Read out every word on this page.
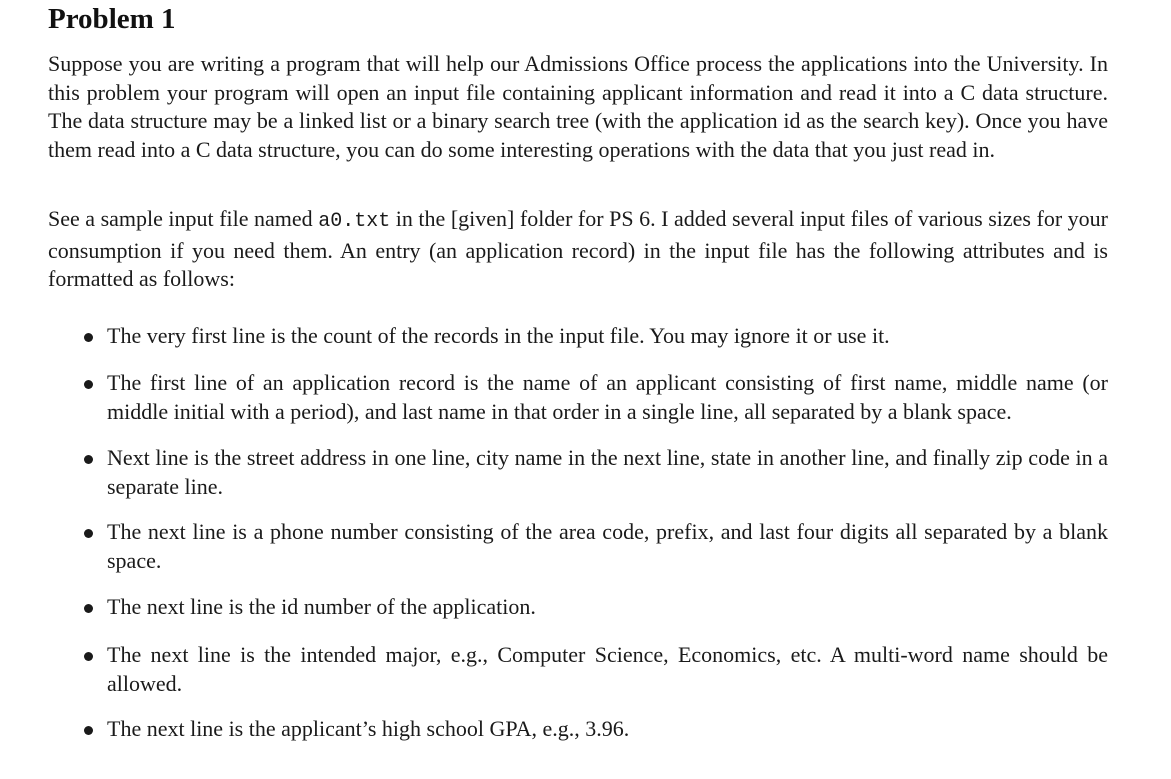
Problem 1

Suppose you are writing a program that will help our Admissions Office process the applications into the University. In this problem your program will open an input file containing applicant information and read it into a C data structure. The data structure may be a linked list or a binary search tree (with the application id as the search key). Once you have them read into a C data structure, you can do some interesting operations with the data that you just read in.

See a sample input file named a0.txt in the [given] folder for PS 6. I added several input files of various sizes for your consumption if you need them. An entry (an application record) in the input file has the following attributes and is formatted as follows:

The very first line is the count of the records in the input file. You may ignore it or use it.
The first line of an application record is the name of an applicant consisting of first name, middle name (or middle initial with a period), and last name in that order in a single line, all separated by a blank space.
Next line is the street address in one line, city name in the next line, state in another line, and finally zip code in a separate line.
The next line is a phone number consisting of the area code, prefix, and last four digits all separated by a blank space.
The next line is the id number of the application.
The next line is the intended major, e.g., Computer Science, Economics, etc. A multi-word name should be allowed.
The next line is the applicant’s high school GPA, e.g., 3.96.
